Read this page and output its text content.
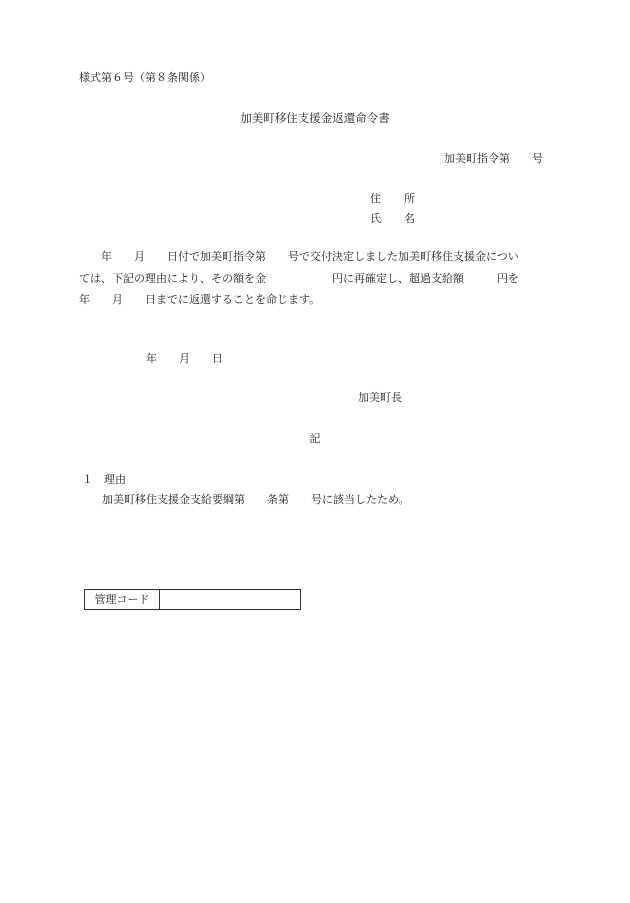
様式第６号（第８条関係）
加美町移住支援金返還命令書
加美町指令第　　号
住　所
氏　名
　　年　　月　　日付で加美町指令第　　号で交付決定しました加美町移住支援金につい
ては、下記の理由により、その額を金　　　　　　円に再確定し、超過支給額　　　円を
年　　月　　日までに返還することを命じます。
年　　月　　日
加美町長
記
１　理由
加美町移住支援金支給要綱第　　条第　　号に該当したため。
管理コード	
